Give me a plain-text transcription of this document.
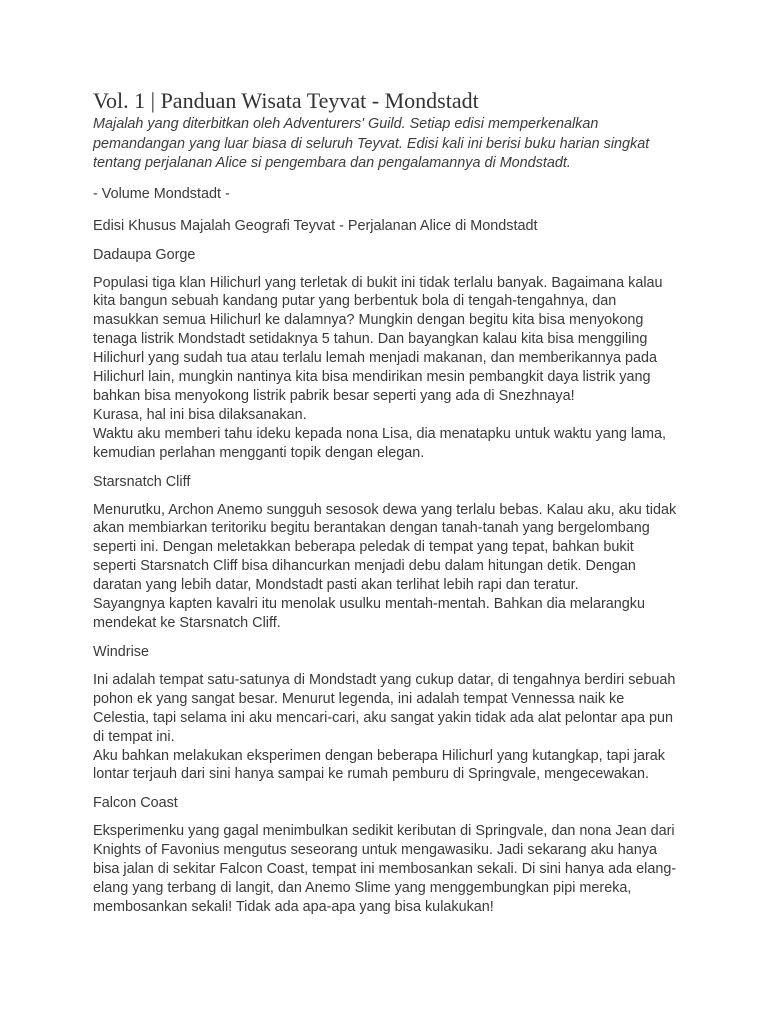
Vol. 1 | Panduan Wisata Teyvat - Mondstadt

Majalah yang diterbitkan oleh Adventurers' Guild. Setiap edisi memperkenalkan pemandangan yang luar biasa di seluruh Teyvat. Edisi kali ini berisi buku harian singkat tentang perjalanan Alice si pengembara dan pengalamannya di Mondstadt.

- Volume Mondstadt -

Edisi Khusus Majalah Geografi Teyvat - Perjalanan Alice di Mondstadt

Dadaupa Gorge

Populasi tiga klan Hilichurl yang terletak di bukit ini tidak terlalu banyak. Bagaimana kalau kita bangun sebuah kandang putar yang berbentuk bola di tengah-tengahnya, dan masukkan semua Hilichurl ke dalamnya? Mungkin dengan begitu kita bisa menyokong tenaga listrik Mondstadt setidaknya 5 tahun. Dan bayangkan kalau kita bisa menggiling Hilichurl yang sudah tua atau terlalu lemah menjadi makanan, dan memberikannya pada Hilichurl lain, mungkin nantinya kita bisa mendirikan mesin pembangkit daya listrik yang bahkan bisa menyokong listrik pabrik besar seperti yang ada di Snezhnaya!

Kurasa, hal ini bisa dilaksanakan.

Waktu aku memberi tahu ideku kepada nona Lisa, dia menatapku untuk waktu yang lama, kemudian perlahan mengganti topik dengan elegan.

Starsnatch Cliff

Menurutku, Archon Anemo sungguh sesosok dewa yang terlalu bebas. Kalau aku, aku tidak akan membiarkan teritoriku begitu berantakan dengan tanah-tanah yang bergelombang seperti ini. Dengan meletakkan beberapa peledak di tempat yang tepat, bahkan bukit seperti Starsnatch Cliff bisa dihancurkan menjadi debu dalam hitungan detik. Dengan daratan yang lebih datar, Mondstadt pasti akan terlihat lebih rapi dan teratur.

Sayangnya kapten kavalri itu menolak usulku mentah-mentah. Bahkan dia melarangku mendekat ke Starsnatch Cliff.

Windrise

Ini adalah tempat satu-satunya di Mondstadt yang cukup datar, di tengahnya berdiri sebuah pohon ek yang sangat besar. Menurut legenda, ini adalah tempat Vennessa naik ke Celestia, tapi selama ini aku mencari-cari, aku sangat yakin tidak ada alat pelontar apa pun di tempat ini.

Aku bahkan melakukan eksperimen dengan beberapa Hilichurl yang kutangkap, tapi jarak lontar terjauh dari sini hanya sampai ke rumah pemburu di Springvale, mengecewakan.

Falcon Coast

Eksperimenku yang gagal menimbulkan sedikit keributan di Springvale, dan nona Jean dari Knights of Favonius mengutus seseorang untuk mengawasiku. Jadi sekarang aku hanya bisa jalan di sekitar Falcon Coast, tempat ini membosankan sekali. Di sini hanya ada elang-elang yang terbang di langit, dan Anemo Slime yang menggembungkan pipi mereka, membosankan sekali! Tidak ada apa-apa yang bisa kulakukan!
